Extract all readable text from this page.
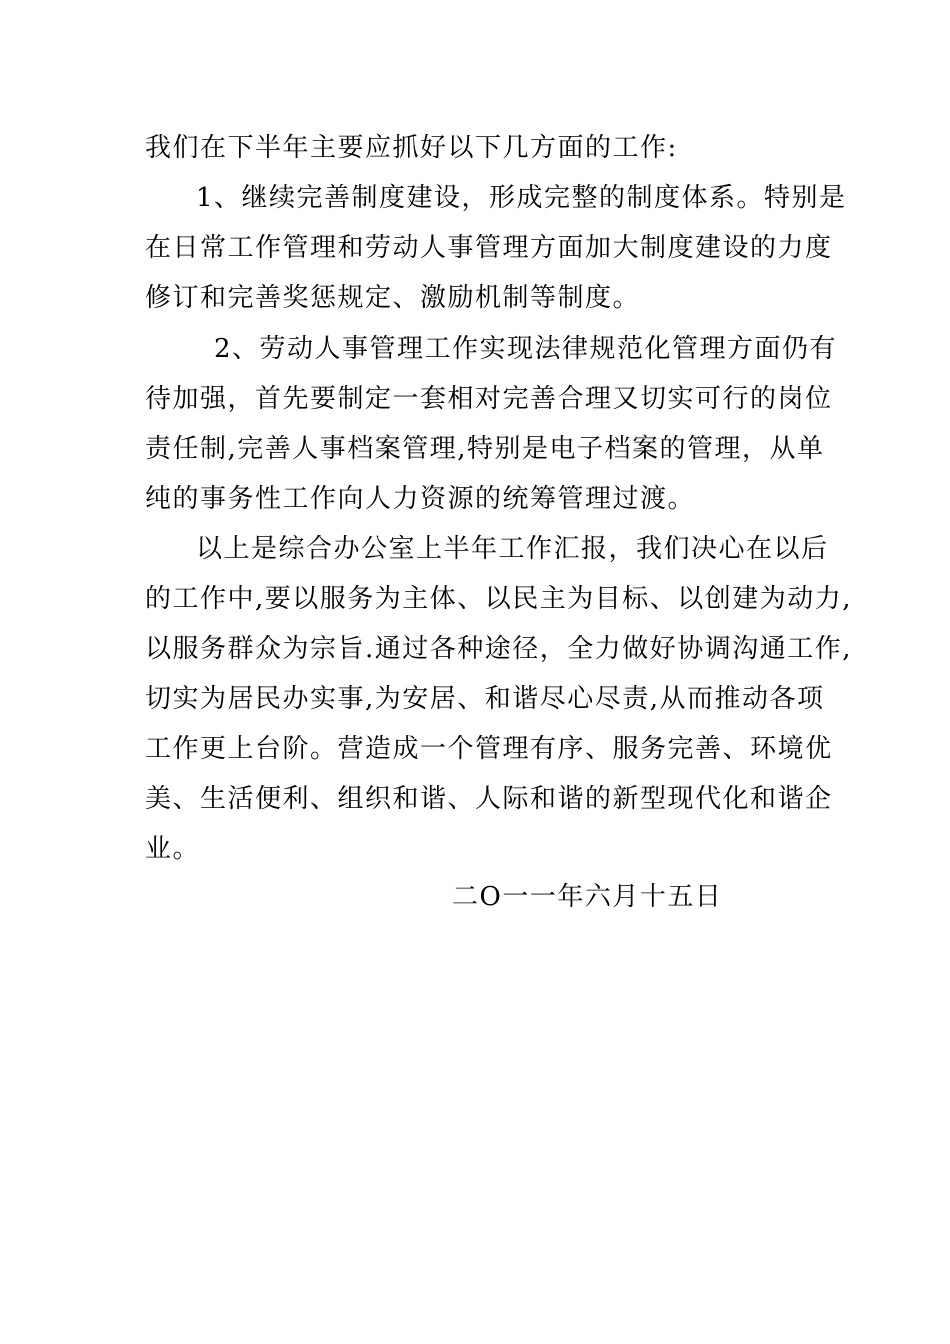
我们在下半年主要应抓好以下几方面的工作:
1、继续完善制度建设，形成完整的制度体系。特别是
在日常工作管理和劳动人事管理方面加大制度建设的力度
修订和完善奖惩规定、激励机制等制度。
2、劳动人事管理工作实现法律规范化管理方面仍有
待加强，首先要制定一套相对完善合理又切实可行的岗位
责任制,完善人事档案管理,特别是电子档案的管理，从单
纯的事务性工作向人力资源的统筹管理过渡。
以上是综合办公室上半年工作汇报，我们决心在以后
的工作中,要以服务为主体、以民主为目标、以创建为动力,
以服务群众为宗旨.通过各种途径，全力做好协调沟通工作,
切实为居民办实事,为安居、和谐尽心尽责,从而推动各项
工作更上台阶。营造成一个管理有序、服务完善、环境优
美、生活便利、组织和谐、人际和谐的新型现代化和谐企
业。
二O一一年六月十五日
